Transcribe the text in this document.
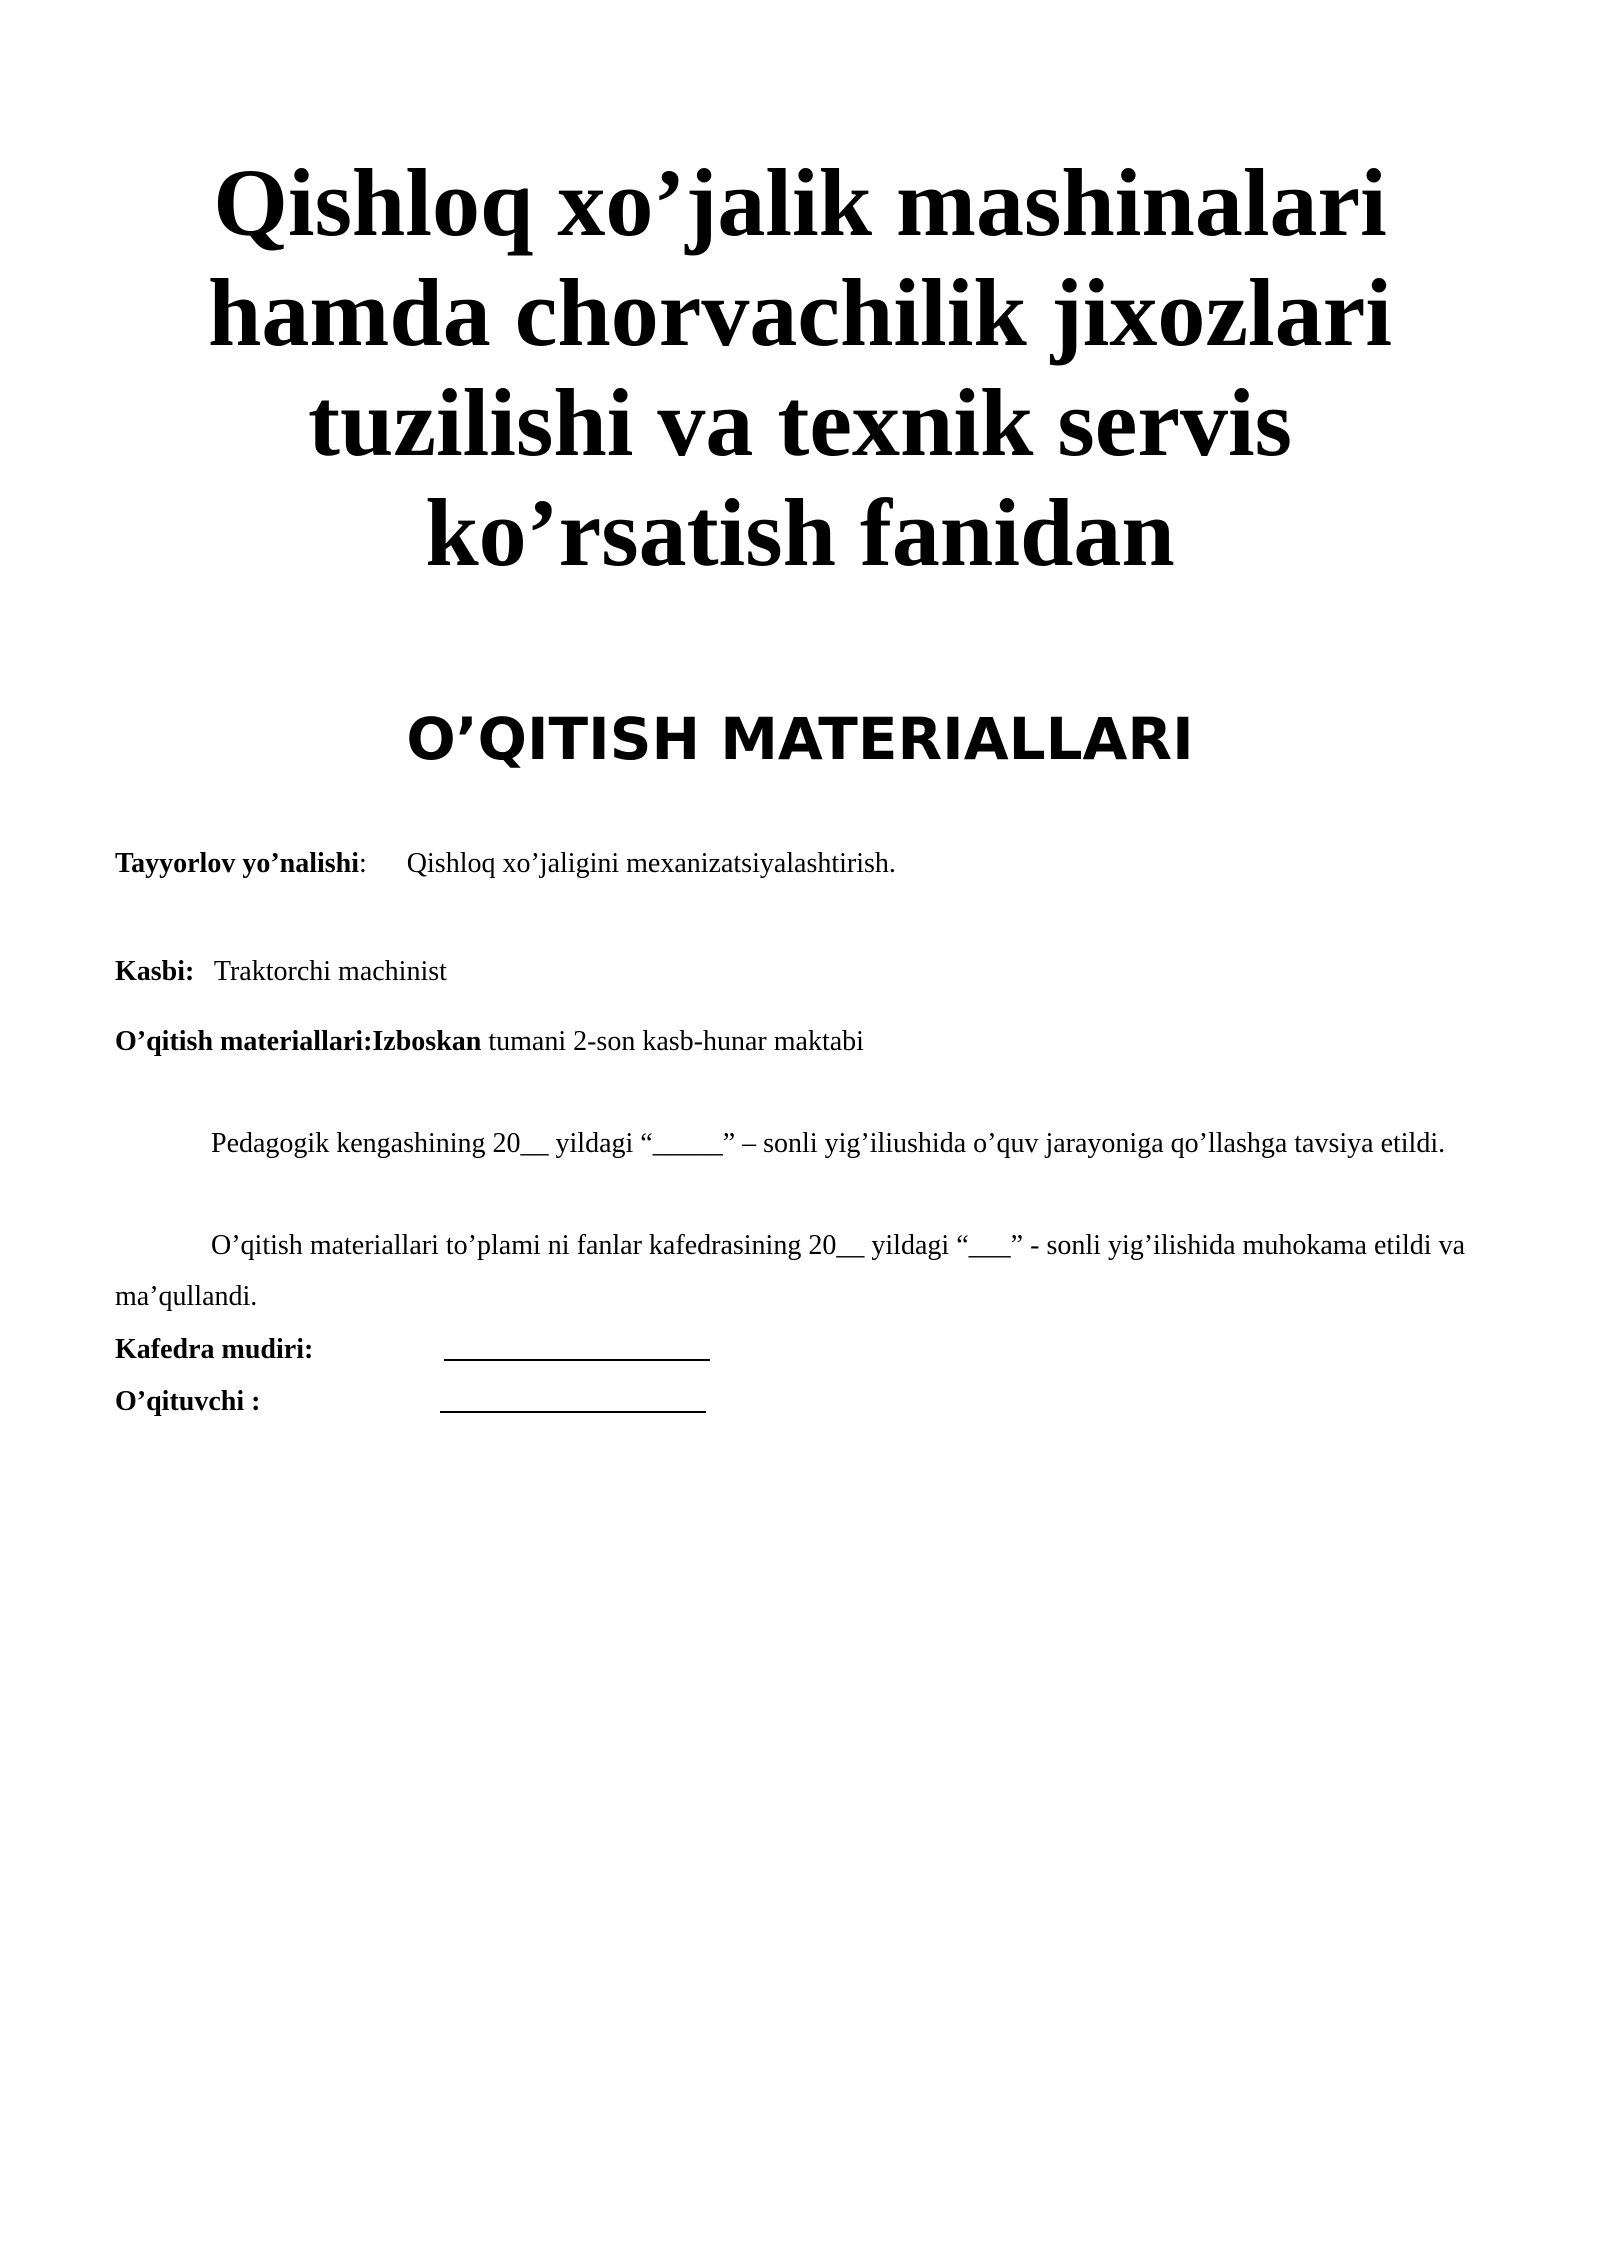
Qishloq xo’jalik mashinalari
hamda chorvachilik jixozlari
tuzilishi va texnik servis
ko’rsatish fanidan
O’QITISH MATERIALLARI
Tayyorlov yo’nalishi: Qishloq xo’jaligini mexanizatsiyalashtirish.
Kasbi: Traktorchi machinist
O’qitish materiallari:Izboskan tumani 2-son kasb-hunar maktabi

Pedagogik kengashining 20__ yildagi “_____” – sonli yig’iliushida o’quv jarayoniga qo’llashga tavsiya etildi.

O’qitish materiallari to’plami ni fanlar kafedrasining 20__ yildagi “___” - sonli yig’ilishida muhokama etildi va ma’qullandi.

Kafedra mudiri:
O’qituvchi :
